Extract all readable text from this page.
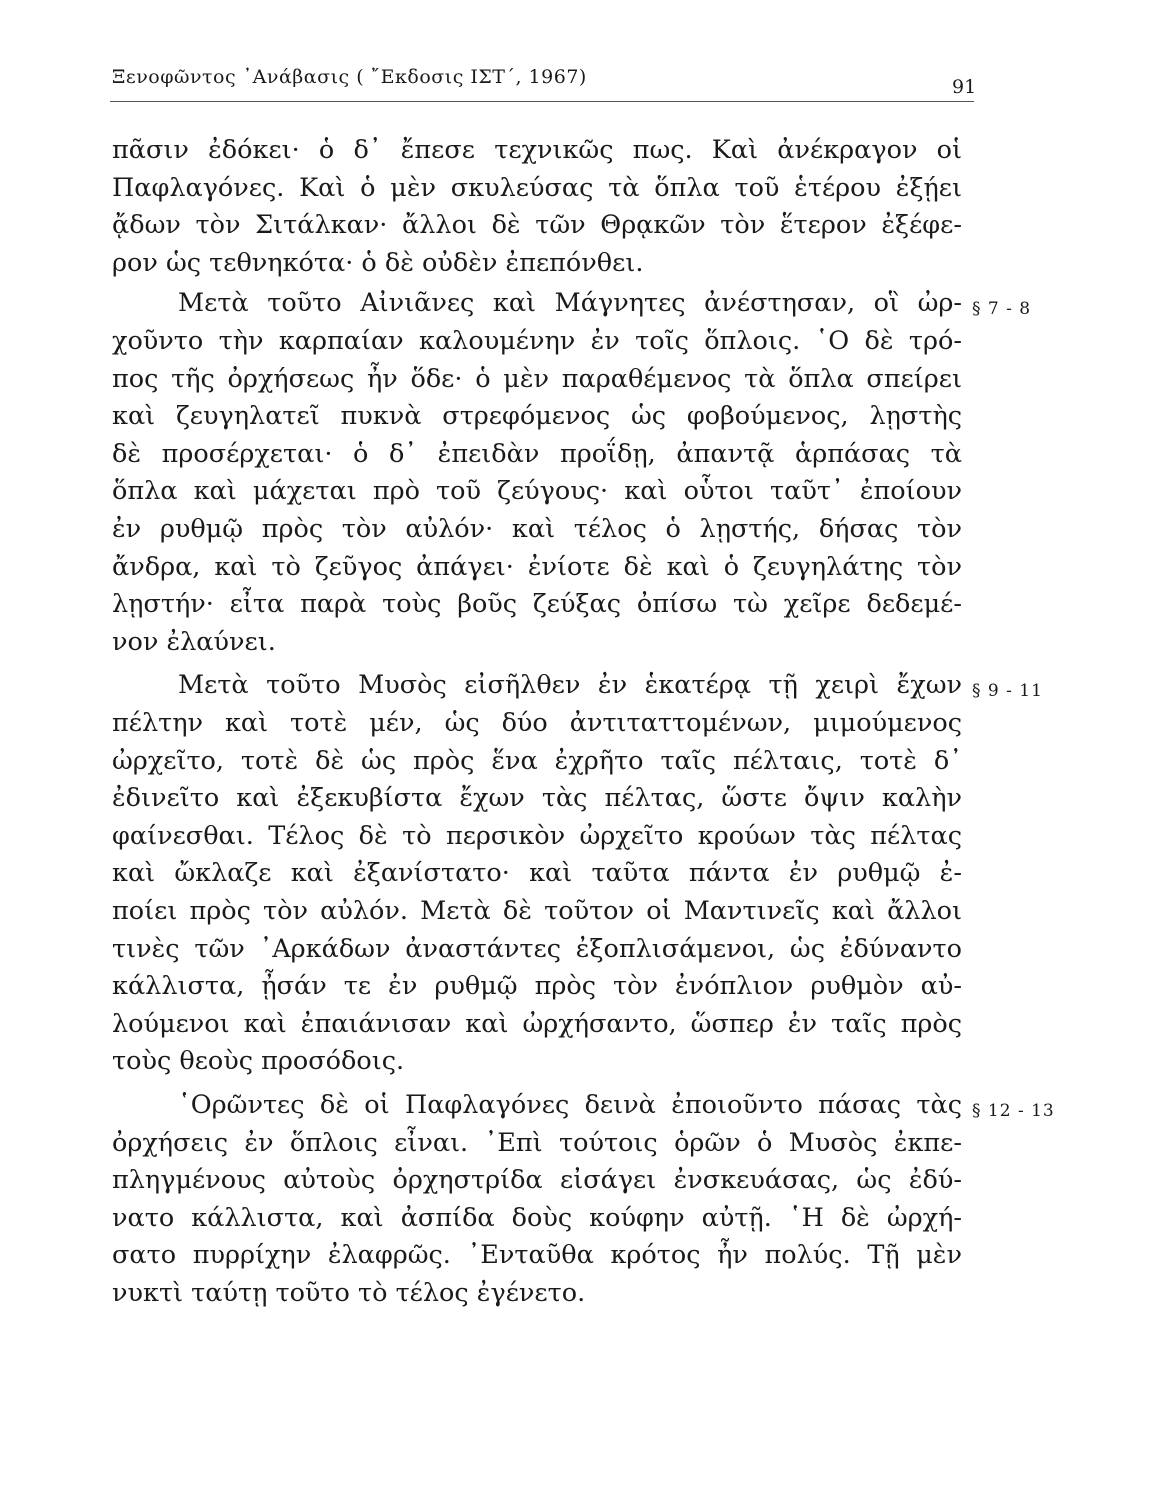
Ξενοφῶντος ᾿Ανάβασις ( ῎Εκδοσις ΙΣΤ΄, 1967)	91
πᾶσιν ἐδόκει· ὁ δ᾿ ἔπεσε τεχνικῶς πως. Καὶ ἀνέκραγον οἱ
Παφλαγόνες. Καὶ ὁ μὲν σκυλεύσας τὰ ὅπλα τοῦ ἑτέρου ἐξῄει
ᾄδων τὸν Σιτάλκαν· ἄλλοι δὲ τῶν Θρᾳκῶν τὸν ἕτερον ἐξέφε-
ρον ὡς τεθνηκότα· ὁ δὲ οὐδὲν ἐπεπόνθει.
Μετὰ τοῦτο Αἰνιᾶνες καὶ Μάγνητες ἀνέστησαν, οἳ ὠρ-
χοῦντο τὴν καρπαίαν καλουμένην ἐν τοῖς ὅπλοις. ῾Ο δὲ τρό-
πος τῆς ὀρχήσεως ἦν ὅδε· ὁ μὲν παραθέμενος τὰ ὅπλα σπείρει
καὶ ζευγηλατεῖ πυκνὰ στρεφόμενος ὡς φοβούμενος, λῃστὴς
δὲ προσέρχεται· ὁ δ᾿ ἐπειδὰν προΐδῃ, ἀπαντᾷ ἁρπάσας τὰ
ὅπλα καὶ μάχεται πρὸ τοῦ ζεύγους· καὶ οὗτοι ταῦτ᾿ ἐποίουν
ἐν ρυθμῷ πρὸς τὸν αὐλόν· καὶ τέλος ὁ λῃστής, δήσας τὸν
ἄνδρα, καὶ τὸ ζεῦγος ἀπάγει· ἐνίοτε δὲ καὶ ὁ ζευγηλάτης τὸν
λῃστήν· εἶτα παρὰ τοὺς βοῦς ζεύξας ὀπίσω τὼ χεῖρε δεδεμέ-
νον ἐλαύνει.
§ 7 - 8
Μετὰ τοῦτο Μυσὸς εἰσῆλθεν ἐν ἑκατέρᾳ τῇ χειρὶ ἔχων
πέλτην καὶ τοτὲ μέν, ὡς δύο ἀντιταττομένων, μιμούμενος
ὠρχεῖτο, τοτὲ δὲ ὡς πρὸς ἕνα ἐχρῆτο ταῖς πέλταις, τοτὲ δ᾿
ἐδινεῖτο καὶ ἐξεκυβίστα ἔχων τὰς πέλτας, ὥστε ὄψιν καλὴν
φαίνεσθαι. Τέλος δὲ τὸ περσικὸν ὠρχεῖτο κρούων τὰς πέλτας
καὶ ὤκλαζε καὶ ἐξανίστατο· καὶ ταῦτα πάντα ἐν ρυθμῷ ἐ-
ποίει πρὸς τὸν αὐλόν. Μετὰ δὲ τοῦτον οἱ Μαντινεῖς καὶ ἄλλοι
τινὲς τῶν ᾿Αρκάδων ἀναστάντες ἐξοπλισάμενοι, ὡς ἐδύναντο
κάλλιστα, ᾖσάν τε ἐν ρυθμῷ πρὸς τὸν ἐνόπλιον ρυθμὸν αὐ-
λούμενοι καὶ ἐπαιάνισαν καὶ ὠρχήσαντο, ὥσπερ ἐν ταῖς πρὸς
τοὺς θεοὺς προσόδοις.
§ 9 - 11
῾Ορῶντες δὲ οἱ Παφλαγόνες δεινὰ ἐποιοῦντο πάσας τὰς
ὀρχήσεις ἐν ὅπλοις εἶναι. ᾿Επὶ τούτοις ὁρῶν ὁ Μυσὸς ἐκπε-
πληγμένους αὐτοὺς ὀρχηστρίδα εἰσάγει ἐνσκευάσας, ὡς ἐδύ-
νατο κάλλιστα, καὶ ἀσπίδα δοὺς κούφην αὐτῇ. ῾Η δὲ ὠρχή-
σατο πυρρίχην ἐλαφρῶς. ᾿Ενταῦθα κρότος ἦν πολύς. Τῇ μὲν
νυκτὶ ταύτῃ τοῦτο τὸ τέλος ἐγένετο.
§ 12 - 13
